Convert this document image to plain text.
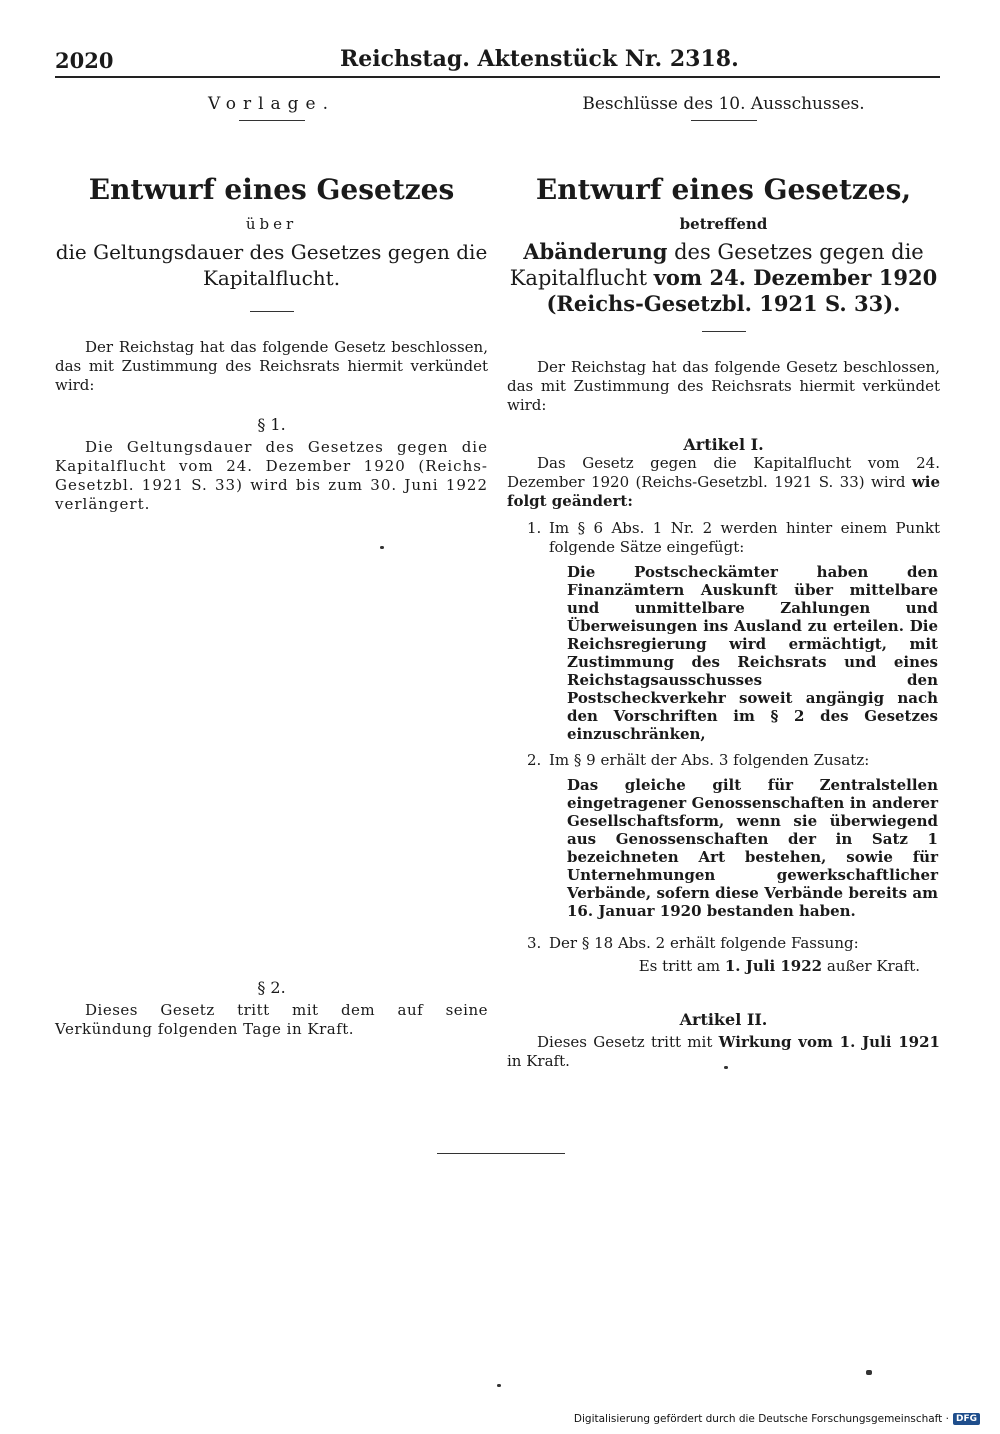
2020	Reichstag. Aktenstück Nr. 2318.
Vorlage.
Entwurf eines Gesetzes
über
die Geltungsdauer des Gesetzes gegen die Kapitalflucht.
Der Reichstag hat das folgende Gesetz beschlossen, das mit Zustimmung des Reichsrats hiermit verkündet wird:
§ 1.
Die Geltungsdauer des Gesetzes gegen die Kapitalflucht vom 24. Dezember 1920 (Reichs-Gesetzbl. 1921 S. 33) wird bis zum 30. Juni 1922 verlängert.
§ 2.
Dieses Gesetz tritt mit dem auf seine Verkündung folgenden Tage in Kraft.
Beschlüsse des 10. Ausschusses.
Entwurf eines Gesetzes,
betreffend
Abänderung des Gesetzes gegen die Kapitalflucht vom 24. Dezember 1920 (Reichs-Gesetzbl. 1921 S. 33).
Der Reichstag hat das folgende Gesetz beschlossen, das mit Zustimmung des Reichsrats hiermit verkündet wird:
Artikel I.
Das Gesetz gegen die Kapitalflucht vom 24. Dezember 1920 (Reichs-Gesetzbl. 1921 S. 33) wird wie folgt geändert:
1. Im § 6 Abs. 1 Nr. 2 werden hinter einem Punkt folgende Sätze eingefügt:
Die Postscheckämter haben den Finanzämtern Auskunft über mittelbare und unmittelbare Zahlungen und Überweisungen ins Ausland zu erteilen. Die Reichsregierung wird ermächtigt, mit Zustimmung des Reichsrats und eines Reichstagsausschusses den Postscheckverkehr soweit angängig nach den Vorschriften im § 2 des Gesetzes einzuschränken,
2. Im § 9 erhält der Abs. 3 folgenden Zusatz:
Das gleiche gilt für Zentralstellen eingetragener Genossenschaften in anderer Gesellschaftsform, wenn sie überwiegend aus Genossenschaften der in Satz 1 bezeichneten Art bestehen, sowie für Unternehmungen gewerkschaftlicher Verbände, sofern diese Verbände bereits am 16. Januar 1920 bestanden haben.
3. Der § 18 Abs. 2 erhält folgende Fassung:
Es tritt am 1. Juli 1922 außer Kraft.
Artikel II.
Dieses Gesetz tritt mit Wirkung vom 1. Juli 1921 in Kraft.
Digitalisierung gefördert durch die Deutsche Forschungsgemeinschaft · DFG
